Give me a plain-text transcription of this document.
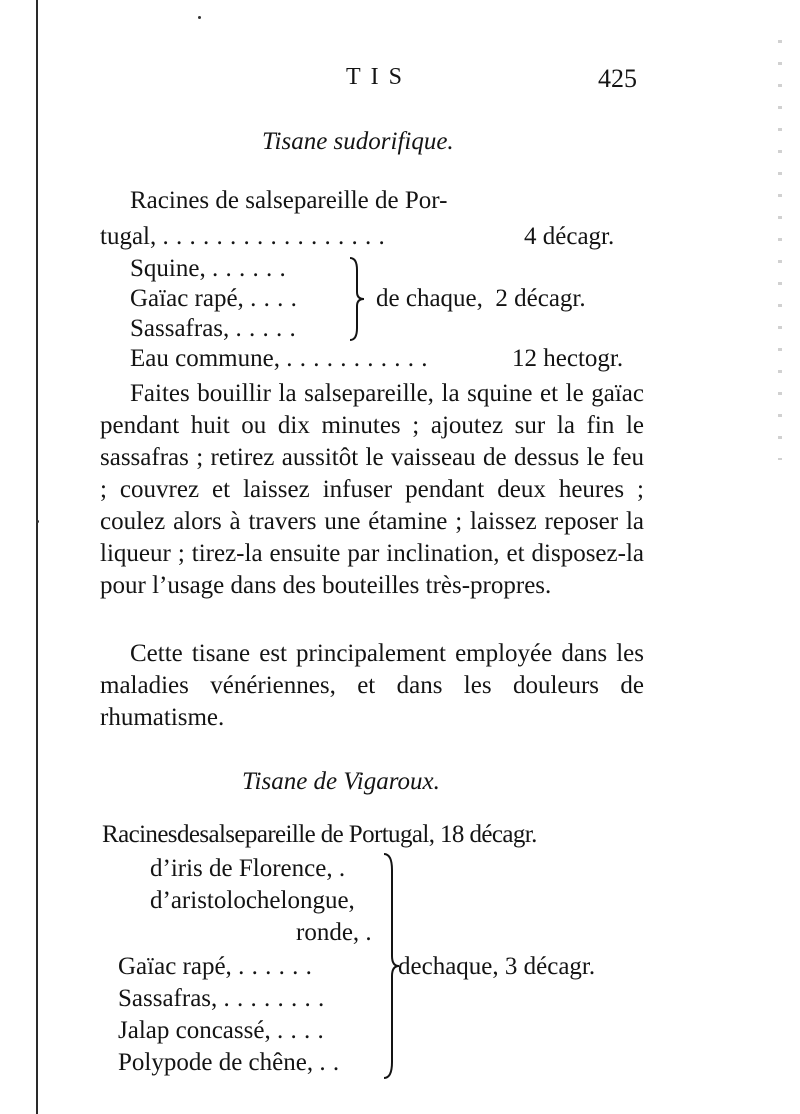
TIS	425
Tisane sudorifique.
Racines de salsepareille de Por-
tugal, . . . . . . . . . . . . . . . . .	4 décagr.
Squine, . . . . . .
Gaïac rapé, . . . .
Sassafras, . . . . .
de chaque,  2 décagr.
Eau commune, . . . . . . . . . . .	12 hectogr.
Faites bouillir la salsepareille, la squine et le gaïac pendant huit ou dix minutes ; ajoutez sur la fin le sassafras ; retirez aussitôt le vaisseau de dessus le feu ; couvrez et laissez infuser pendant deux heures ; coulez alors à travers une étamine ; laissez reposer la liqueur ; tirez-la ensuite par inclination, et disposez-la pour l’usage dans des bouteilles très-propres.
Cette tisane est principalement employée dans les maladies vénériennes, et dans les douleurs de rhumatisme.
Tisane de Vigaroux.
Racinesdesalsepareille de Portugal, 18 décagr.
d’iris de Florence, .
d’aristolochelongue,
ronde, .
Gaïac rapé, . . . . . .
Sassafras, . . . . . . . .
Jalap concassé, . . . .
Polypode de chêne, . .
dechaque, 3 décagr.
